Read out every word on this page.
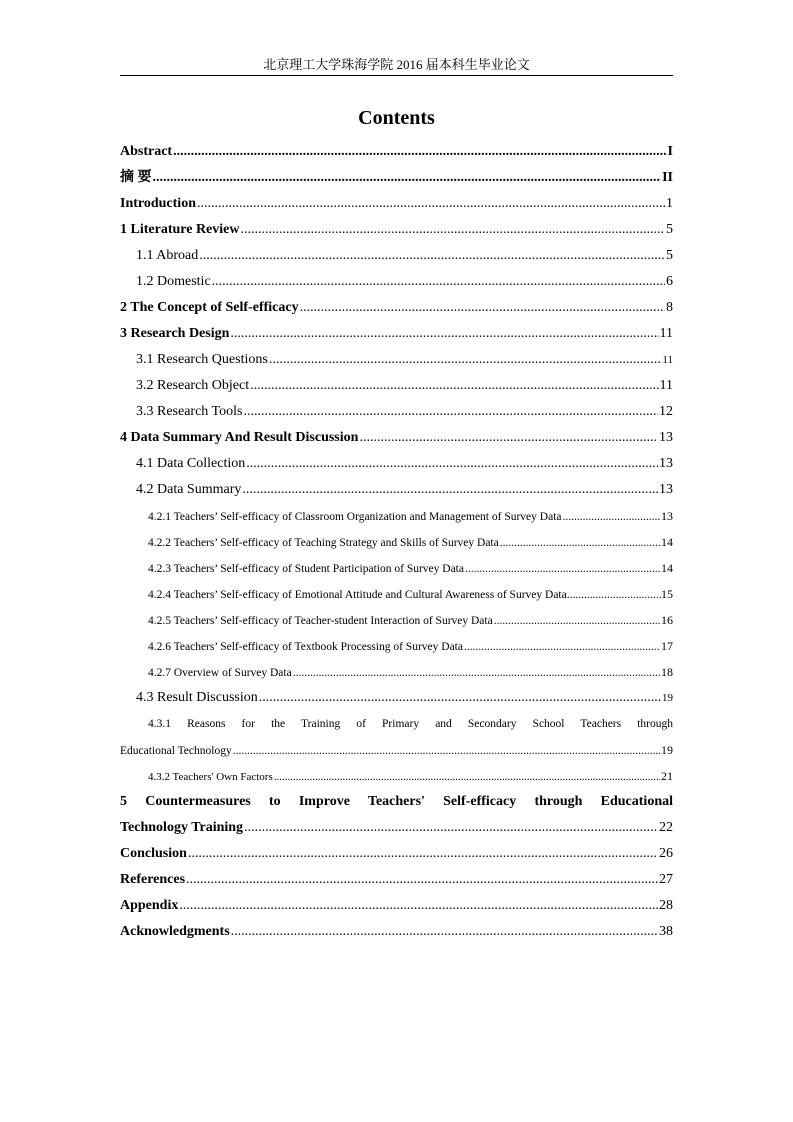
北京理工大学珠海学院 2016 届本科生毕业论文
Contents
Abstract .....	I
摘 要 .....	II
Introduction .....	1
1 Literature Review .....	5
1.1 Abroad .....	5
1.2 Domestic .....	6
2 The Concept of Self-efficacy .....	8
3 Research Design .....	11
3.1 Research Questions .....	11
3.2 Research Object .....	11
3.3 Research Tools .....	12
4 Data Summary And Result Discussion .....	13
4.1 Data Collection .....	13
4.2 Data Summary .....	13
4.2.1 Teachers’ Self-efficacy of Classroom Organization and Management of Survey Data .....	13
4.2.2 Teachers’ Self-efficacy of Teaching Strategy and Skills of Survey Data .....	14
4.2.3 Teachers’ Self-efficacy of Student Participation of Survey Data .....	14
4.2.4 Teachers’ Self-efficacy of Emotional Attitude and Cultural Awareness of Survey Data .....	15
4.2.5 Teachers’ Self-efficacy of Teacher-student Interaction of Survey Data .....	16
4.2.6 Teachers’ Self-efficacy of Textbook Processing of Survey Data .....	17
4.2.7 Overview of Survey Data .....	18
4.3 Result Discussion .....	19
4.3.1 Reasons for the Training of Primary and Secondary School Teachers through
Educational Technology .....	19
4.3.2 Teachers' Own Factors .....	21
5 Countermeasures to Improve Teachers' Self-efficacy through Educational
Technology Training .....	22
Conclusion .....	26
References .....	27
Appendix .....	28
Acknowledgments .....	38
